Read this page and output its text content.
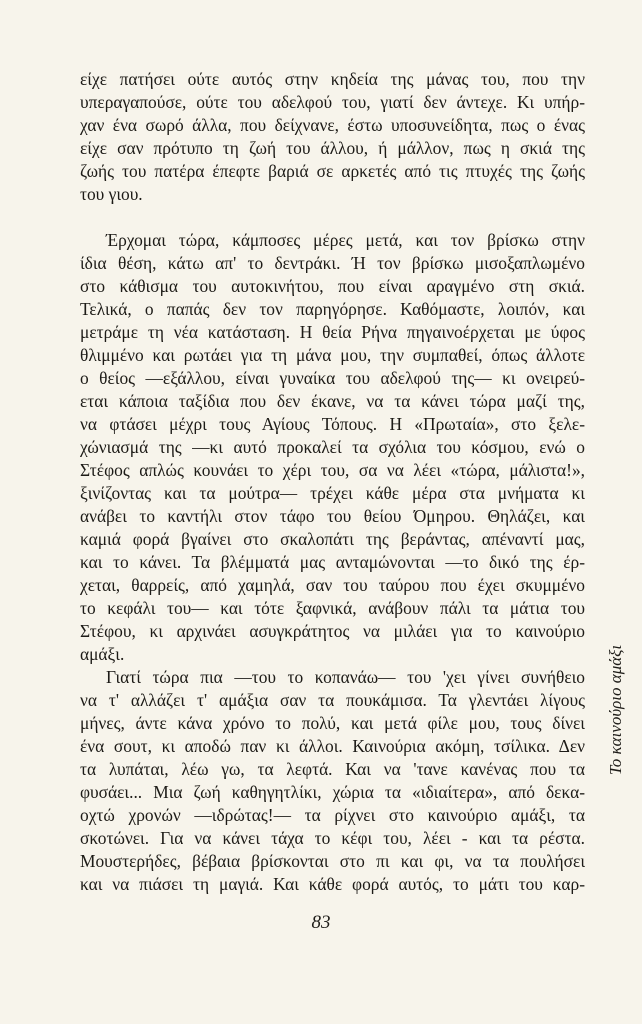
είχε πατήσει ούτε αυτός στην κηδεία της μάνας του, που την
υπεραγαπούσε, ούτε του αδελφού του, γιατί δεν άντεχε. Κι υπήρ-
χαν ένα σωρό άλλα, που δείχνανε, έστω υποσυνείδητα, πως ο ένας
είχε σαν πρότυπο τη ζωή του άλλου, ή μάλλον, πως η σκιά της
ζωής του πατέρα έπεφτε βαριά σε αρκετές από τις πτυχές της ζωής
του γιου.
Έρχομαι τώρα, κάμποσες μέρες μετά, και τον βρίσκω στην
ίδια θέση, κάτω απ' το δεντράκι. Ή τον βρίσκω μισοξαπλωμένο
στο κάθισμα του αυτοκινήτου, που είναι αραγμένο στη σκιά.
Τελικά, ο παπάς δεν τον παρηγόρησε. Καθόμαστε, λοιπόν, και
μετράμε τη νέα κατάσταση. Η θεία Ρήνα πηγαινοέρχεται με ύφος
θλιμμένο και ρωτάει για τη μάνα μου, την συμπαθεί, όπως άλλοτε
ο θείος —εξάλλου, είναι γυναίκα του αδελφού της— κι ονειρεύ-
εται κάποια ταξίδια που δεν έκανε, να τα κάνει τώρα μαζί της,
να φτάσει μέχρι τους Αγίους Τόπους. Η «Πρωταία», στο ξελε-
χώνιασμά της —κι αυτό προκαλεί τα σχόλια του κόσμου, ενώ ο
Στέφος απλώς κουνάει το χέρι του, σα να λέει «τώρα, μάλιστα!»,
ξινίζοντας και τα μούτρα— τρέχει κάθε μέρα στα μνήματα κι
ανάβει το καντήλι στον τάφο του θείου Όμηρου. Θηλάζει, και
καμιά φορά βγαίνει στο σκαλοπάτι της βεράντας, απέναντί μας,
και το κάνει. Τα βλέμματά μας ανταμώνονται —το δικό της έρ-
χεται, θαρρείς, από χαμηλά, σαν του ταύρου που έχει σκυμμένο
το κεφάλι του— και τότε ξαφνικά, ανάβουν πάλι τα μάτια του
Στέφου, κι αρχινάει ασυγκράτητος να μιλάει για το καινούριο
αμάξι.
Γιατί τώρα πια —του το κοπανάω— του 'χει γίνει συνήθειο
να τ' αλλάζει τ' αμάξια σαν τα πουκάμισα. Τα γλεντάει λίγους
μήνες, άντε κάνα χρόνο το πολύ, και μετά φίλε μου, τους δίνει
ένα σουτ, κι αποδώ παν κι άλλοι. Καινούρια ακόμη, τσίλικα. Δεν
τα λυπάται, λέω γω, τα λεφτά. Και να 'τανε κανένας που τα
φυσάει... Μια ζωή καθηγητλίκι, χώρια τα «ιδιαίτερα», από δεκα-
οχτώ χρονών —ιδρώτας!— τα ρίχνει στο καινούριο αμάξι, τα
σκοτώνει. Για να κάνει τάχα το κέφι του, λέει - και τα ρέστα.
Μουστερήδες, βέβαια βρίσκονται στο πι και φι, να τα πουλήσει
και να πιάσει τη μαγιά. Και κάθε φορά αυτός, το μάτι του καρ-
83
Το καινούριο αμάξι
